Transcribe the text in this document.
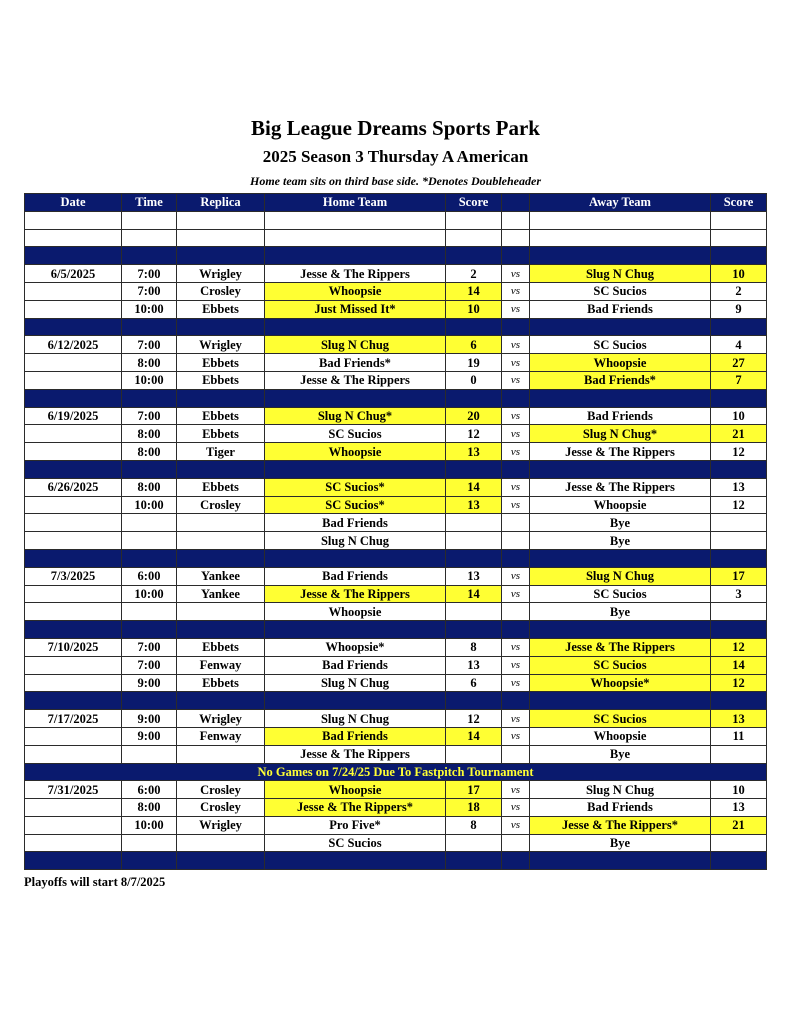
Big League Dreams Sports Park
2025 Season 3 Thursday A American
Home team sits on third base side. *Denotes Doubleheader
Date	Time	Replica	Home Team	Score		Away Team	Score

6/5/2025	7:00	Wrigley	Jesse & The Rippers	2	vs	Slug N Chug	10
	7:00	Crosley	Whoopsie	14	vs	SC Sucios	2
	10:00	Ebbets	Just Missed It*	10	vs	Bad Friends	9

6/12/2025	7:00	Wrigley	Slug N Chug	6	vs	SC Sucios	4
	8:00	Ebbets	Bad Friends*	19	vs	Whoopsie	27
	10:00	Ebbets	Jesse & The Rippers	0	vs	Bad Friends*	7

6/19/2025	7:00	Ebbets	Slug N Chug*	20	vs	Bad Friends	10
	8:00	Ebbets	SC Sucios	12	vs	Slug N Chug*	21
	8:00	Tiger	Whoopsie	13	vs	Jesse & The Rippers	12

6/26/2025	8:00	Ebbets	SC Sucios*	14	vs	Jesse & The Rippers	13
	10:00	Crosley	SC Sucios*	13	vs	Whoopsie	12
			Bad Friends			Bye	
			Slug N Chug			Bye	

7/3/2025	6:00	Yankee	Bad Friends	13	vs	Slug N Chug	17
	10:00	Yankee	Jesse & The Rippers	14	vs	SC Sucios	3
			Whoopsie			Bye	

7/10/2025	7:00	Ebbets	Whoopsie*	8	vs	Jesse & The Rippers	12
	7:00	Fenway	Bad Friends	13	vs	SC Sucios	14
	9:00	Ebbets	Slug N Chug	6	vs	Whoopsie*	12

7/17/2025	9:00	Wrigley	Slug N Chug	12	vs	SC Sucios	13
	9:00	Fenway	Bad Friends	14	vs	Whoopsie	11
			Jesse & The Rippers			Bye	
No Games on 7/24/25 Due To Fastpitch Tournament							
7/31/2025	6:00	Crosley	Whoopsie	17	vs	Slug N Chug	10
	8:00	Crosley	Jesse & The Rippers*	18	vs	Bad Friends	13
	10:00	Wrigley	Pro Five*	8	vs	Jesse & The Rippers*	21
			SC Sucios			Bye	

Playoffs will start 8/7/2025
